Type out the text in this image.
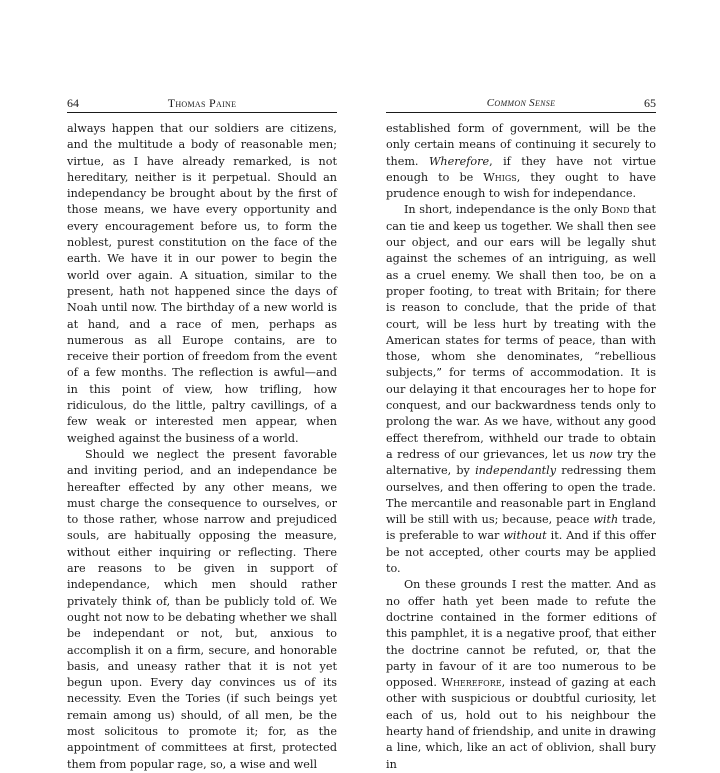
64	Thomas Paine

always happen that our soldiers are citizens, and the multitude a body of reasonable men; virtue, as I have already remarked, is not hereditary, neither is it perpetual. Should an independancy be brought about by the first of those means, we have every opportunity and every encouragement before us, to form the noblest, purest constitution on the face of the earth. We have it in our power to begin the world over again. A situation, similar to the present, hath not happened since the days of Noah until now. The birthday of a new world is at hand, and a race of men, perhaps as numerous as all Europe contains, are to receive their portion of freedom from the event of a few months. The reflection is awful—and in this point of view, how trifling, how ridiculous, do the little, paltry cavillings, of a few weak or interested men appear, when weighed against the business of a world.

Should we neglect the present favorable and inviting period, and an independance be hereafter effected by any other means, we must charge the consequence to ourselves, or to those rather, whose narrow and prejudiced souls, are habitually opposing the measure, without either inquiring or reflecting. There are reasons to be given in support of independance, which men should rather privately think of, than be publicly told of. We ought not now to be debating whether we shall be independant or not, but, anxious to accomplish it on a firm, secure, and honorable basis, and uneasy rather that it is not yet begun upon. Every day convinces us of its necessity. Even the Tories (if such beings yet remain among us) should, of all men, be the most solicitous to promote it; for, as the appointment of committees at first, protected them from popular rage, so, a wise and well

Common Sense	65

established form of government, will be the only certain means of continuing it securely to them. Wherefore, if they have not virtue enough to be Whigs, they ought to have prudence enough to wish for independance.

In short, independance is the only Bond that can tie and keep us together. We shall then see our object, and our ears will be legally shut against the schemes of an intriguing, as well as a cruel enemy. We shall then too, be on a proper footing, to treat with Britain; for there is reason to conclude, that the pride of that court, will be less hurt by treating with the American states for terms of peace, than with those, whom she denominates, “rebellious subjects,” for terms of accommodation. It is our delaying it that encourages her to hope for conquest, and our backwardness tends only to prolong the war. As we have, without any good effect therefrom, withheld our trade to obtain a redress of our grievances, let us now try the alternative, by independantly redressing them ourselves, and then offering to open the trade. The mercantile and reasonable part in England will be still with us; because, peace with trade, is preferable to war without it. And if this offer be not accepted, other courts may be applied to.

On these grounds I rest the matter. And as no offer hath yet been made to refute the doctrine contained in the former editions of this pamphlet, it is a negative proof, that either the doctrine cannot be refuted, or, that the party in favour of it are too numerous to be opposed. Wherefore, instead of gazing at each other with suspicious or doubtful curiosity, let each of us, hold out to his neighbour the hearty hand of friendship, and unite in drawing a line, which, like an act of oblivion, shall bury in
